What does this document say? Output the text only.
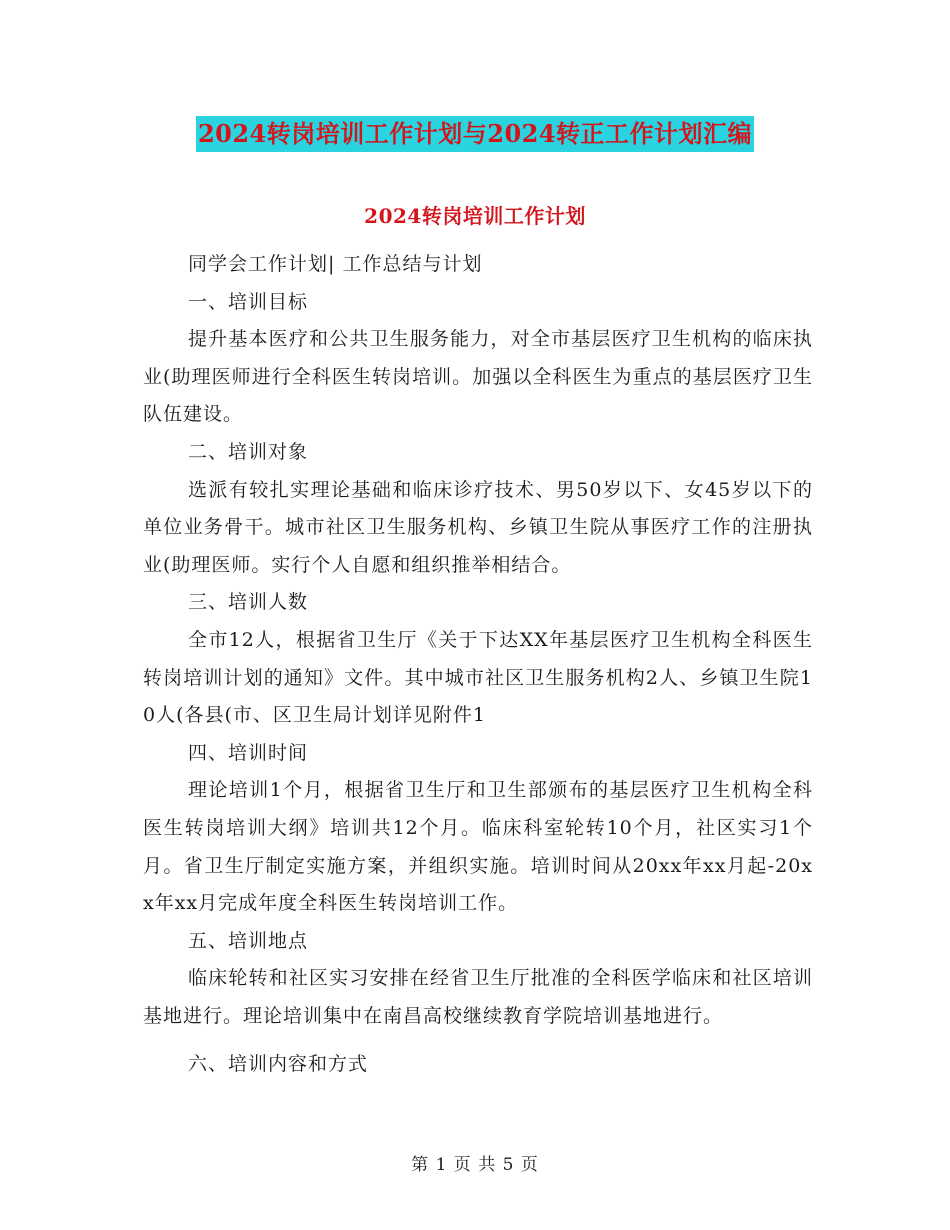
2024转岗培训工作计划与2024转正工作计划汇编
2024转岗培训工作计划

同学会工作计划| 工作总结与计划

一、培训目标

提升基本医疗和公共卫生服务能力，对全市基层医疗卫生机构的临床执业(助理医师进行全科医生转岗培训。加强以全科医生为重点的基层医疗卫生队伍建设。

二、培训对象

选派有较扎实理论基础和临床诊疗技术、男50岁以下、女45岁以下的单位业务骨干。城市社区卫生服务机构、乡镇卫生院从事医疗工作的注册执业(助理医师。实行个人自愿和组织推举相结合。

三、培训人数

全市12人，根据省卫生厅《关于下达XX年基层医疗卫生机构全科医生转岗培训计划的通知》文件。其中城市社区卫生服务机构2人、乡镇卫生院10人(各县(市、区卫生局计划详见附件1

四、培训时间

理论培训1个月，根据省卫生厅和卫生部颁布的基层医疗卫生机构全科医生转岗培训大纲》培训共12个月。临床科室轮转10个月，社区实习1个月。省卫生厅制定实施方案，并组织实施。培训时间从20xx年xx月起-20xx年xx月完成年度全科医生转岗培训工作。

五、培训地点

临床轮转和社区实习安排在经省卫生厅批准的全科医学临床和社区培训基地进行。理论培训集中在南昌高校继续教育学院培训基地进行。

六、培训内容和方式

第 1 页 共 5 页
